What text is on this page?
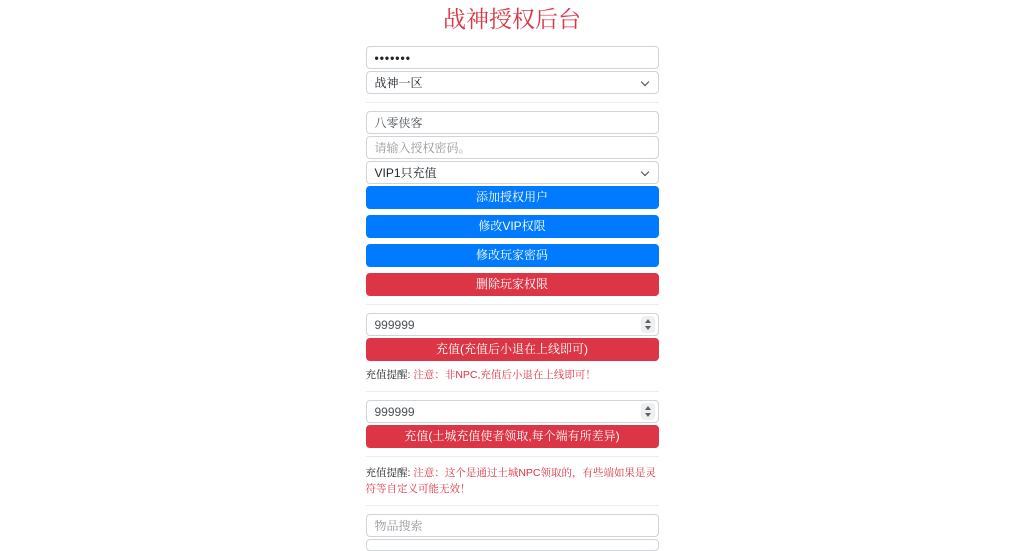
战神授权后台
•••••••
战神一区
八零侠客
请输入授权密码。
VIP1只充值
添加授权用户
修改VIP权限
修改玩家密码
删除玩家权限
999999
充值(充值后小退在上线即可)

充值提醒: 注意：非NPC,充值后小退在上线即可！

999999
充值(土城充值使者领取,每个端有所差异)

充值提醒: 注意：这个是通过土城NPC领取的，有些端如果是灵符等自定义可能无效！

物品搜索
